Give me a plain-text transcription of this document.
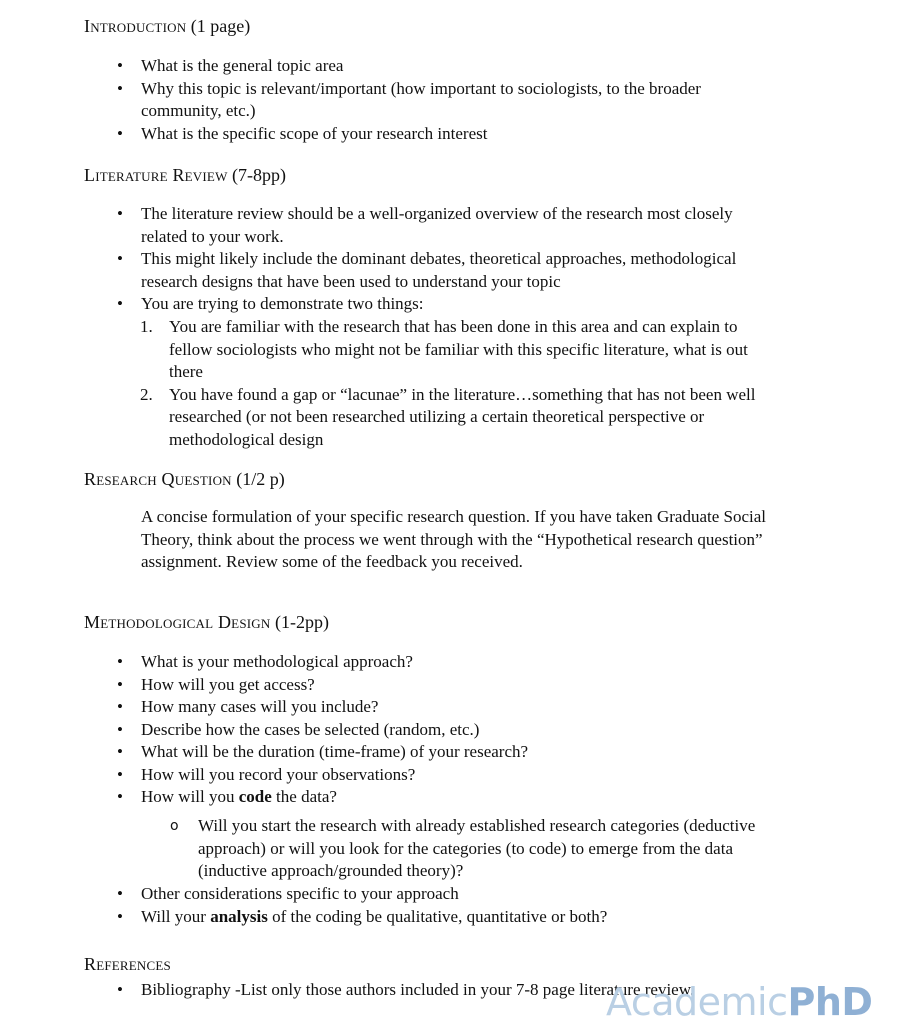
Introduction (1 page)
•	What is the general topic area
•	Why this topic is relevant/important (how important to sociologists, to the broader community, etc.)
•	What is the specific scope of your research interest
Literature Review (7-8pp)
•	The literature review should be a well-organized overview of the research most closely related to your work.
•	This might likely include the dominant debates, theoretical approaches, methodological research designs that have been used to understand your topic
•	You are trying to demonstrate two things:
1. You are familiar with the research that has been done in this area and can explain to fellow sociologists who might not be familiar with this specific literature, what is out there
2. You have found a gap or “lacunae” in the literature…something that has not been well researched (or not been researched utilizing a certain theoretical perspective or methodological design
Research Question (1/2 p)

A concise formulation of your specific research question. If you have taken Graduate Social Theory, think about the process we went through with the “Hypothetical research question” assignment. Review some of the feedback you received.

Methodological Design (1-2pp)
•	What is your methodological approach?
•	How will you get access?
•	How many cases will you include?
•	Describe how the cases be selected (random, etc.)
•	What will be the duration (time-frame) of your research?
•	How will you record your observations?
•	How will you code the data?
o Will you start the research with already established research categories (deductive approach) or will you look for the categories (to code) to emerge from the data (inductive approach/grounded theory)?
•	Other considerations specific to your approach
•	Will your analysis of the coding be qualitative, quantitative or both?
References
•	Bibliography -List only those authors included in your 7-8 page literature review.
AcademicPhD
